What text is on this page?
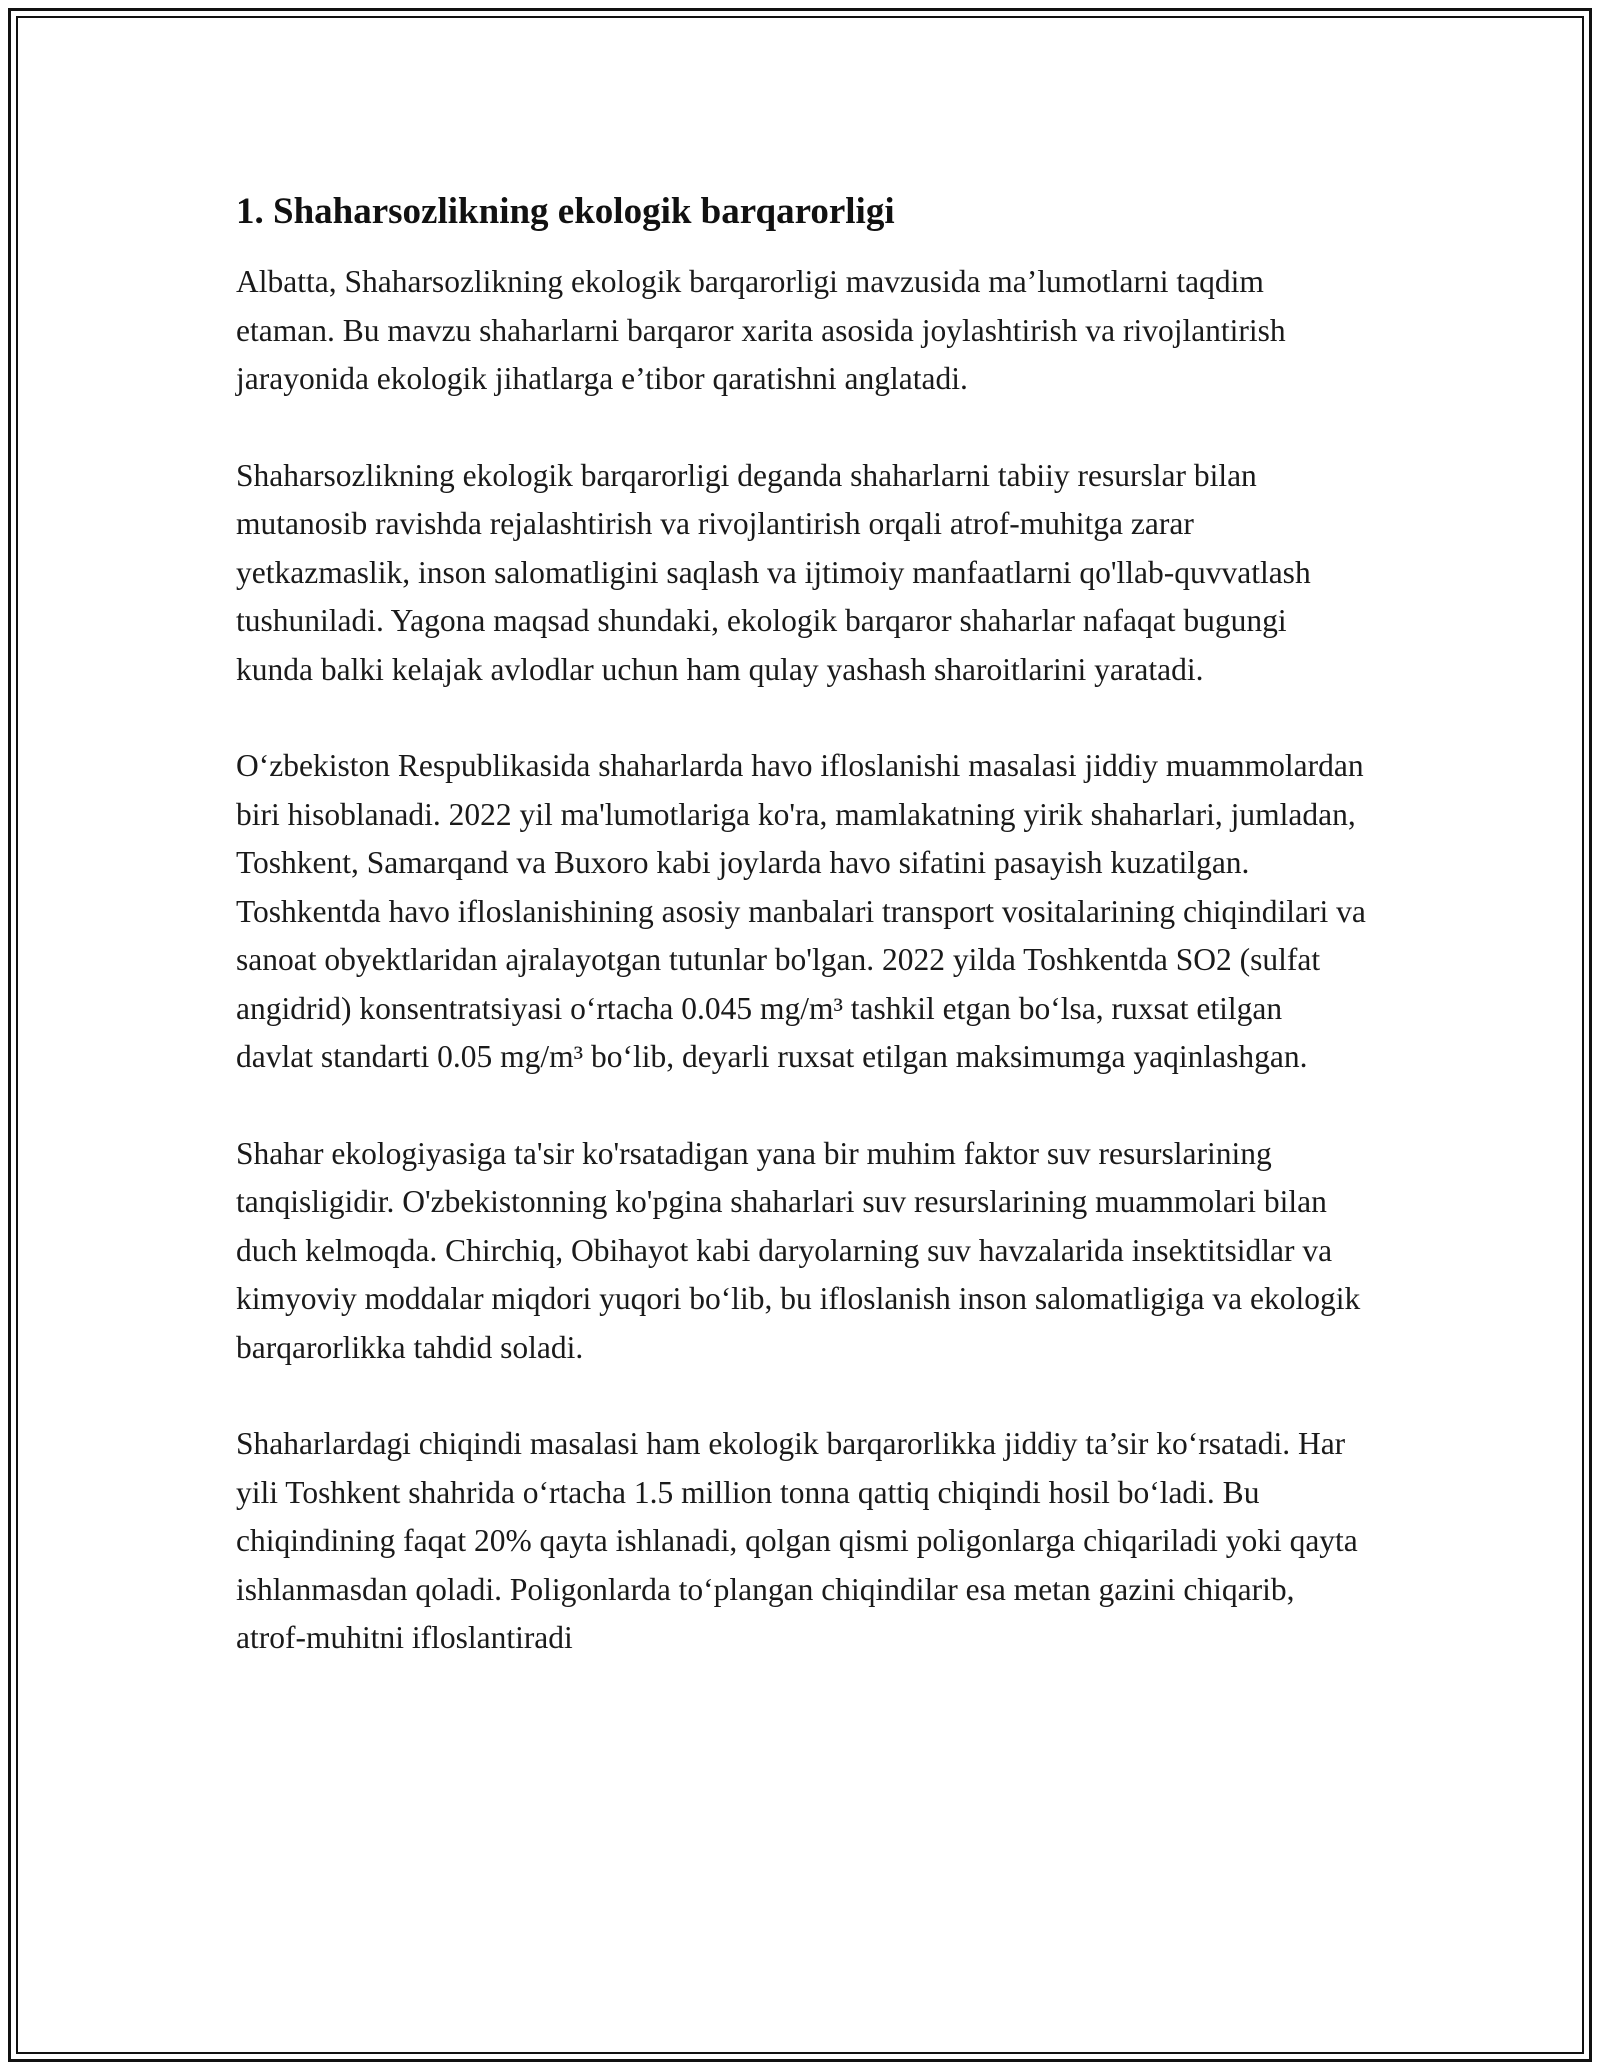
1. Shaharsozlikning ekologik barqarorligi

Albatta, Shaharsozlikning ekologik barqarorligi mavzusida ma’lumotlarni taqdim etaman. Bu mavzu shaharlarni barqaror xarita asosida joylashtirish va rivojlantirish jarayonida ekologik jihatlarga e’tibor qaratishni anglatadi.

Shaharsozlikning ekologik barqarorligi deganda shaharlarni tabiiy resurslar bilan mutanosib ravishda rejalashtirish va rivojlantirish orqali atrof-muhitga zarar yetkazmaslik, inson salomatligini saqlash va ijtimoiy manfaatlarni qo'llab-quvvatlash tushuniladi. Yagona maqsad shundaki, ekologik barqaror shaharlar nafaqat bugungi kunda balki kelajak avlodlar uchun ham qulay yashash sharoitlarini yaratadi.

O‘zbekiston Respublikasida shaharlarda havo ifloslanishi masalasi jiddiy muammolardan biri hisoblanadi. 2022 yil ma'lumotlariga ko'ra, mamlakatning yirik shaharlari, jumladan, Toshkent, Samarqand va Buxoro kabi joylarda havo sifatini pasayish kuzatilgan. Toshkentda havo ifloslanishining asosiy manbalari transport vositalarining chiqindilari va sanoat obyektlaridan ajralayotgan tutunlar bo'lgan. 2022 yilda Toshkentda SO2 (sulfat angidrid) konsentratsiyasi o‘rtacha 0.045 mg/m³ tashkil etgan bo‘lsa, ruxsat etilgan davlat standarti 0.05 mg/m³ bo‘lib, deyarli ruxsat etilgan maksimumga yaqinlashgan.

Shahar ekologiyasiga ta'sir ko'rsatadigan yana bir muhim faktor suv resurslarining tanqisligidir. O'zbekistonning ko'pgina shaharlari suv resurslarining muammolari bilan duch kelmoqda. Chirchiq, Obihayot kabi daryolarning suv havzalarida insektitsidlar va kimyoviy moddalar miqdori yuqori bo‘lib, bu ifloslanish inson salomatligiga va ekologik barqarorlikka tahdid soladi.

Shaharlardagi chiqindi masalasi ham ekologik barqarorlikka jiddiy ta’sir ko‘rsatadi. Har yili Toshkent shahrida o‘rtacha 1.5 million tonna qattiq chiqindi hosil bo‘ladi. Bu chiqindining faqat 20% qayta ishlanadi, qolgan qismi poligonlarga chiqariladi yoki qayta ishlanmasdan qoladi. Poligonlarda to‘plangan chiqindilar esa metan gazini chiqarib, atrof-muhitni ifloslantiradi
